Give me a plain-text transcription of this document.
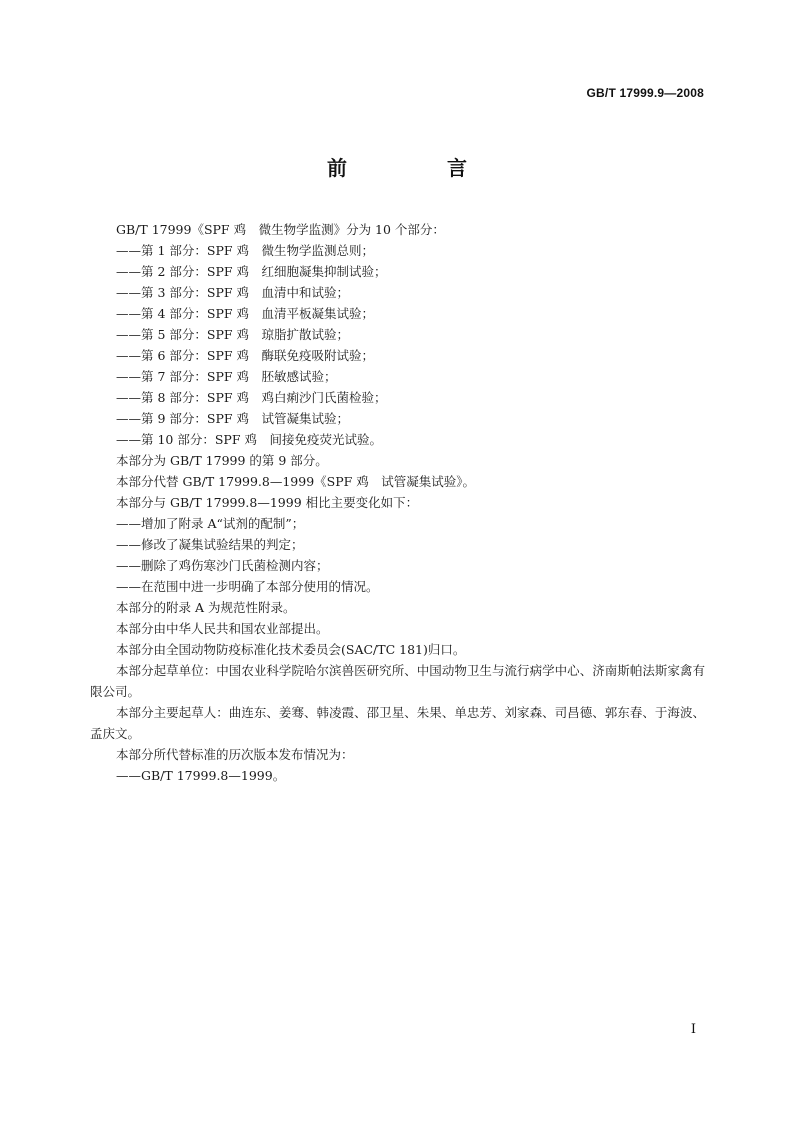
GB/T 17999.9—2008
前　言

GB/T 17999《SPF 鸡　微生物学监测》分为 10 个部分：

——第 1 部分：SPF 鸡　微生物学监测总则；

——第 2 部分：SPF 鸡　红细胞凝集抑制试验；

——第 3 部分：SPF 鸡　血清中和试验；

——第 4 部分：SPF 鸡　血清平板凝集试验；

——第 5 部分：SPF 鸡　琼脂扩散试验；

——第 6 部分：SPF 鸡　酶联免疫吸附试验；

——第 7 部分：SPF 鸡　胚敏感试验；

——第 8 部分：SPF 鸡　鸡白痢沙门氏菌检验；

——第 9 部分：SPF 鸡　试管凝集试验；

——第 10 部分：SPF 鸡　间接免疫荧光试验。

本部分为 GB/T 17999 的第 9 部分。

本部分代替 GB/T 17999.8—1999《SPF 鸡　试管凝集试验》。

本部分与 GB/T 17999.8—1999 相比主要变化如下：

——增加了附录 A“试剂的配制”；

——修改了凝集试验结果的判定；

——删除了鸡伤寒沙门氏菌检测内容；

——在范围中进一步明确了本部分使用的情况。

本部分的附录 A 为规范性附录。

本部分由中华人民共和国农业部提出。

本部分由全国动物防疫标准化技术委员会(SAC/TC 181)归口。

本部分起草单位：中国农业科学院哈尔滨兽医研究所、中国动物卫生与流行病学中心、济南斯帕法斯家禽有限公司。

本部分主要起草人：曲连东、姜骞、韩凌霞、邵卫星、朱果、单忠芳、刘家森、司昌德、郭东春、于海波、孟庆文。

本部分所代替标准的历次版本发布情况为：

——GB/T 17999.8—1999。

I
